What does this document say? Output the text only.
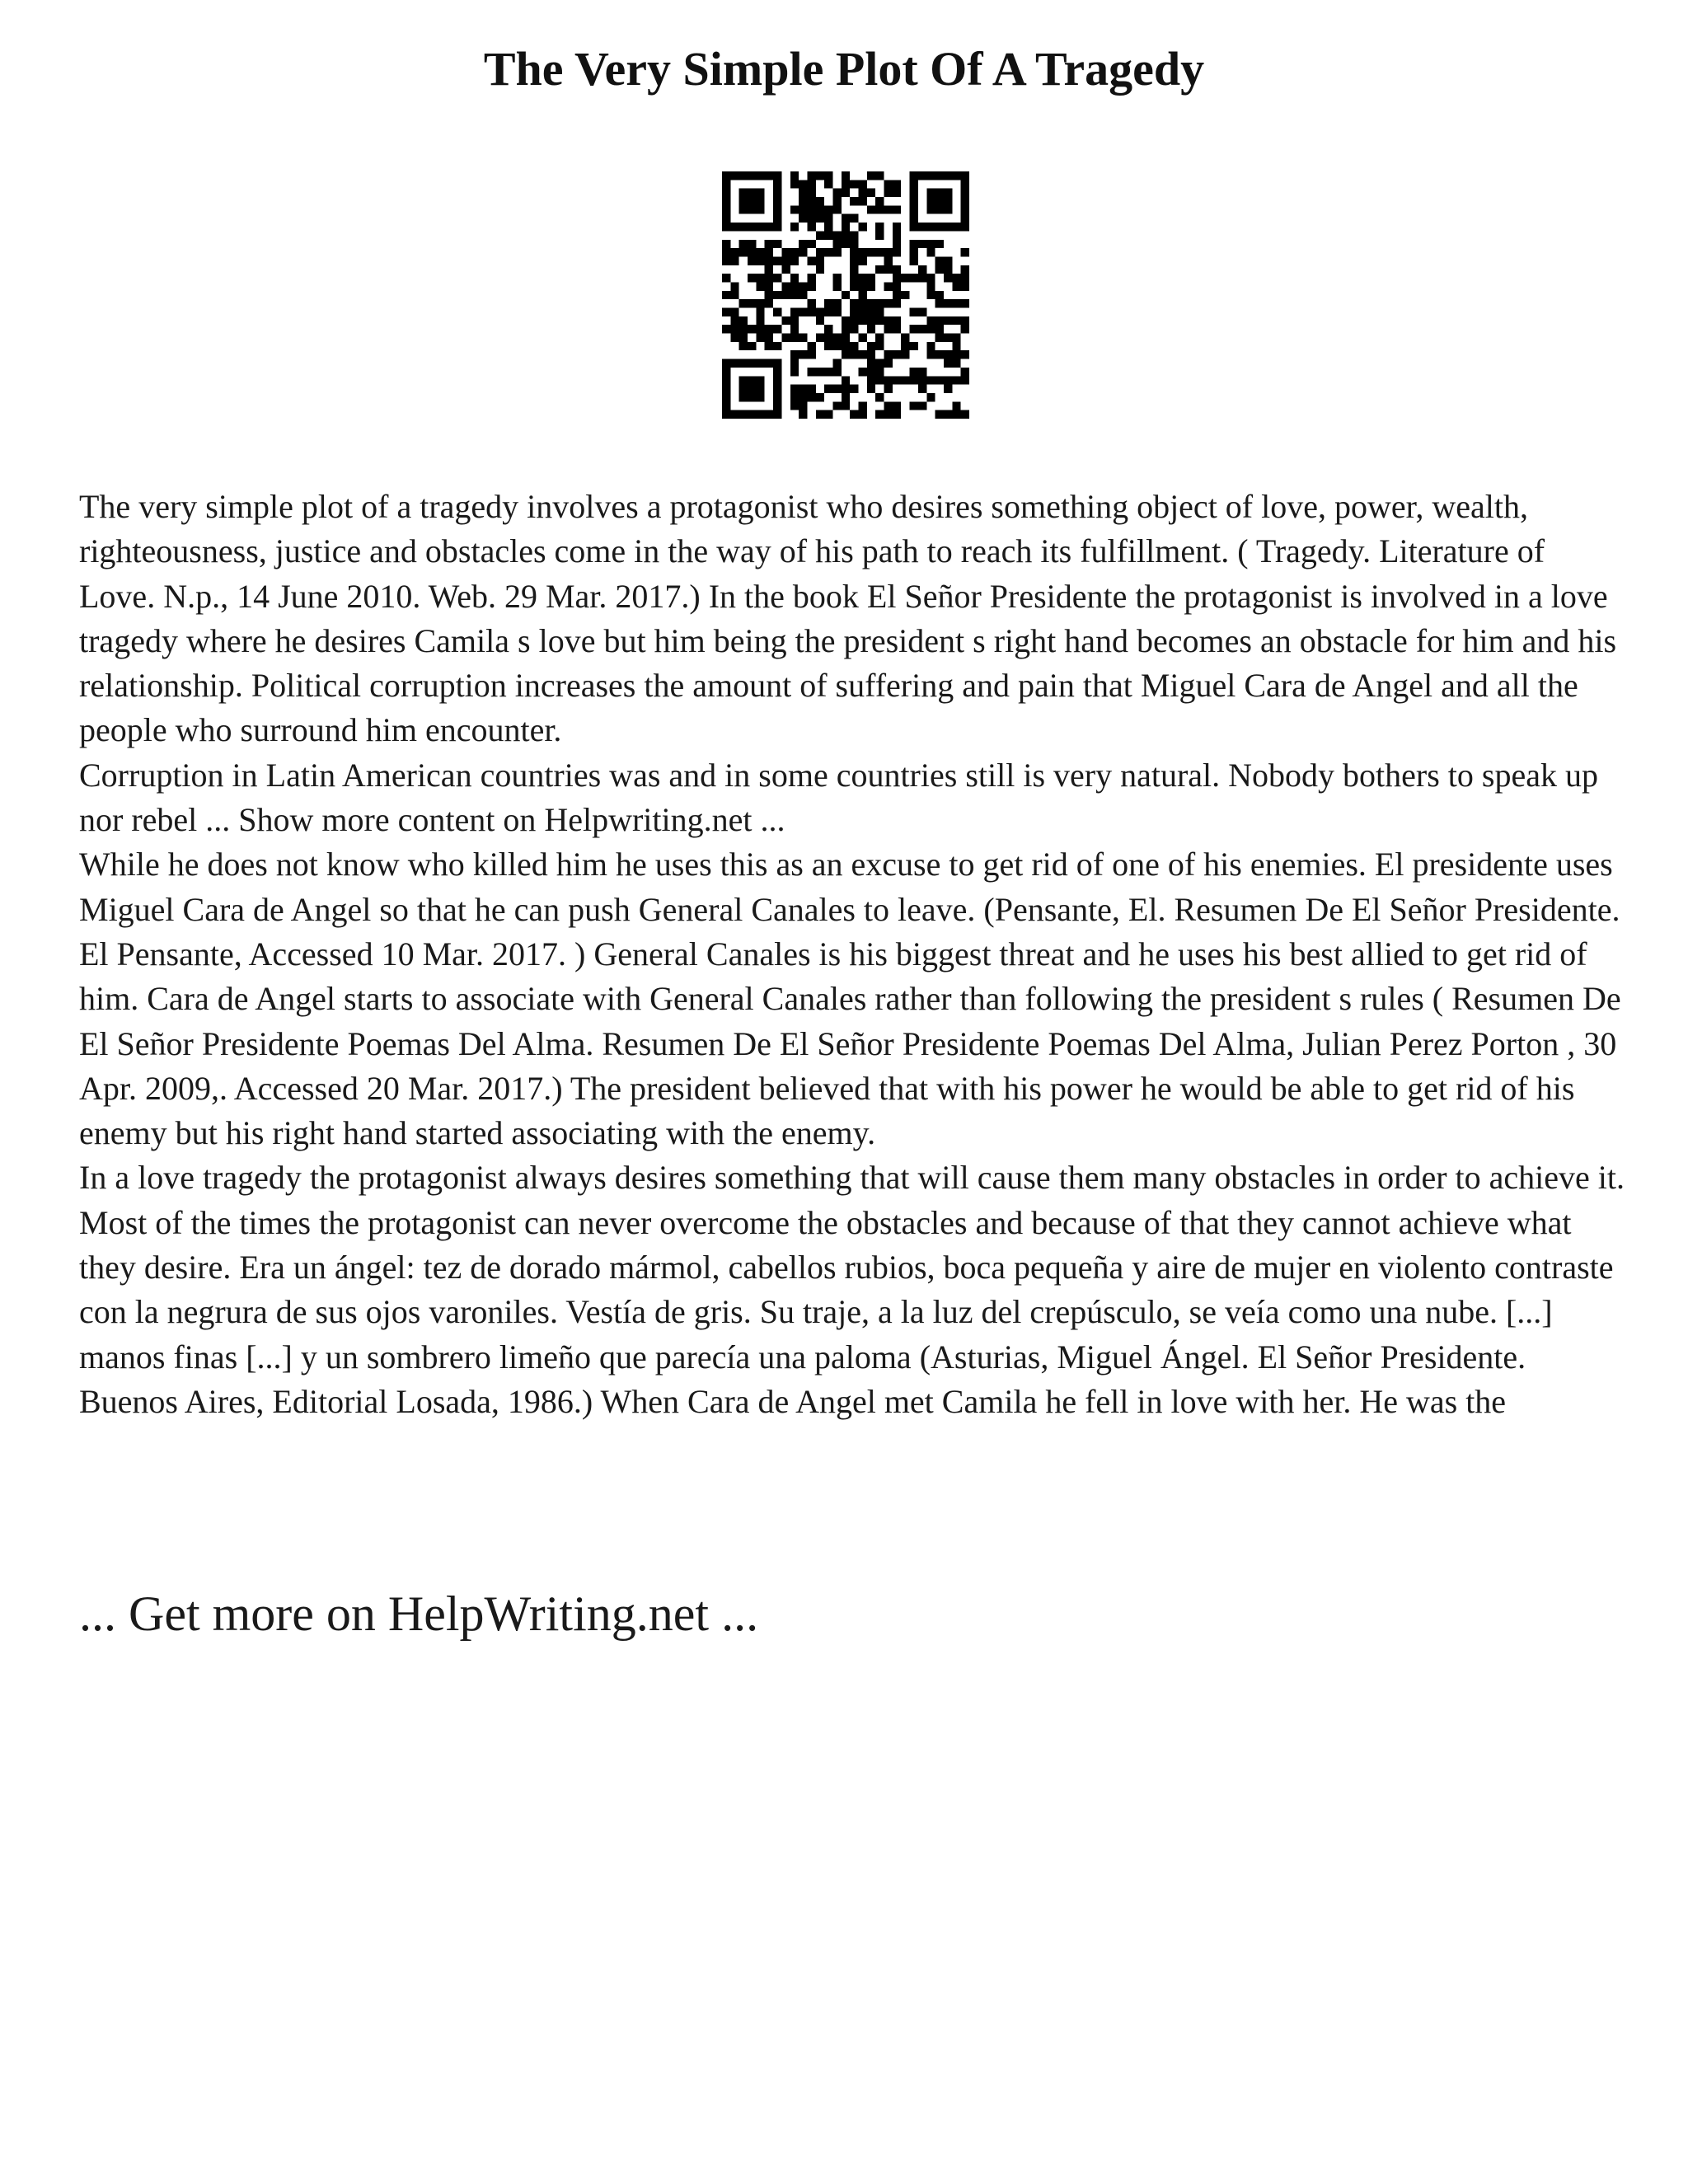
The Very Simple Plot Of A Tragedy

The very simple plot of a tragedy involves a protagonist who desires something object of love, power, wealth, righteousness, justice and obstacles come in the way of his path to reach its fulfillment. ( Tragedy. Literature of Love. N.p., 14 June 2010. Web. 29 Mar. 2017.) In the book El Señor Presidente the protagonist is involved in a love tragedy where he desires Camila s love but him being the president s right hand becomes an obstacle for him and his relationship. Political corruption increases the amount of suffering and pain that Miguel Cara de Angel and all the people who surround him encounter.

Corruption in Latin American countries was and in some countries still is very natural. Nobody bothers to speak up nor rebel ... Show more content on Helpwriting.net ...

While he does not know who killed him he uses this as an excuse to get rid of one of his enemies. El presidente uses Miguel Cara de Angel so that he can push General Canales to leave. (Pensante, El. Resumen De El Señor Presidente. El Pensante, Accessed 10 Mar. 2017. ) General Canales is his biggest threat and he uses his best allied to get rid of him. Cara de Angel starts to associate with General Canales rather than following the president s rules ( Resumen De El Señor Presidente Poemas Del Alma. Resumen De El Señor Presidente Poemas Del Alma, Julian Perez Porton , 30 Apr. 2009,. Accessed 20 Mar. 2017.) The president believed that with his power he would be able to get rid of his enemy but his right hand started associating with the enemy.

In a love tragedy the protagonist always desires something that will cause them many obstacles in order to achieve it. Most of the times the protagonist can never overcome the obstacles and because of that they cannot achieve what they desire. Era un ángel: tez de dorado mármol, cabellos rubios, boca pequeña y aire de mujer en violento contraste con la negrura de sus ojos varoniles. Vestía de gris. Su traje, a la luz del crepúsculo, se veía como una nube. [...] manos finas [...] y un sombrero limeño que parecía una paloma (Asturias, Miguel Ángel. El Señor Presidente. Buenos Aires, Editorial Losada, 1986.) When Cara de Angel met Camila he fell in love with her. He was the

... Get more on HelpWriting.net ...
